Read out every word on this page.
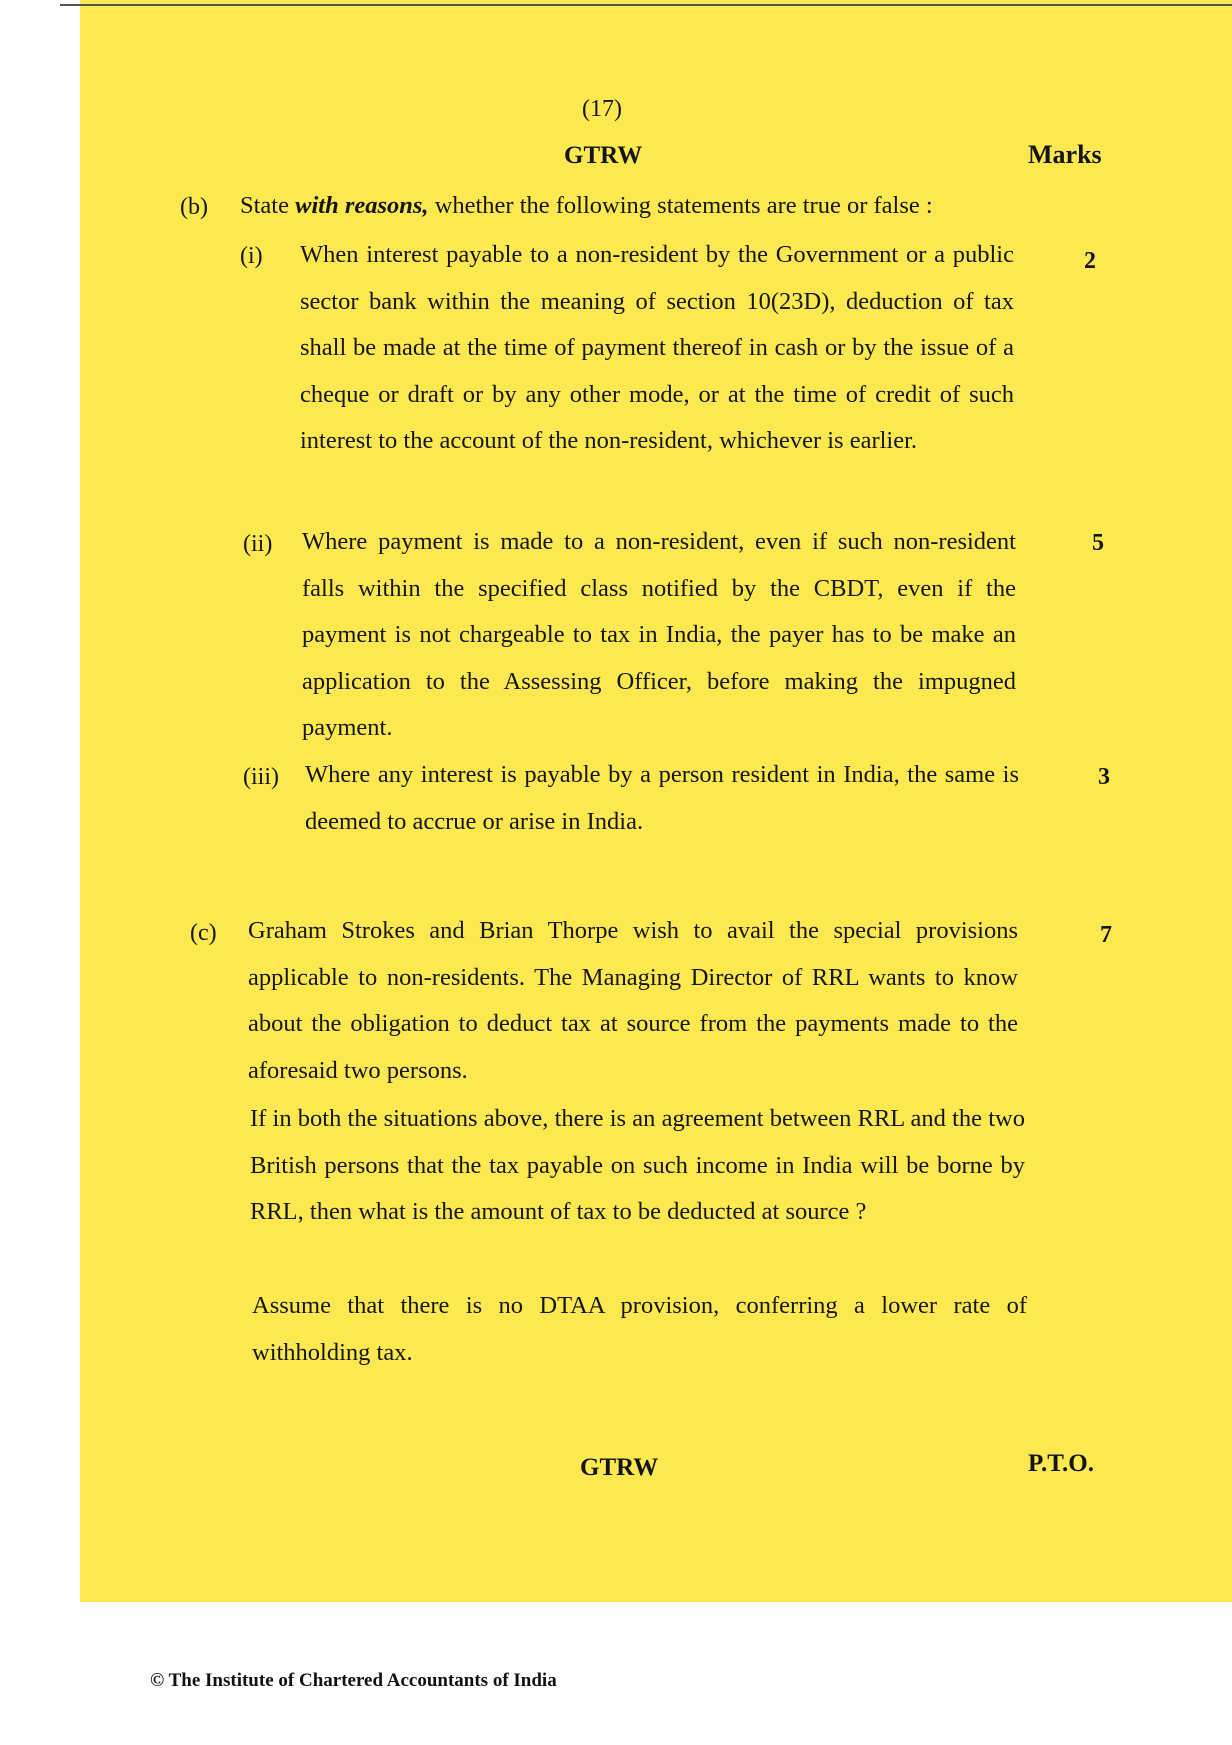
(17)
GTRW	Marks
(b) State with reasons, whether the following statements are true or false :
(i) When interest payable to a non-resident by the Government or a public sector bank within the meaning of section 10(23D), deduction of tax shall be made at the time of payment thereof in cash or by the issue of a cheque or draft or by any other mode, or at the time of credit of such interest to the account of the non-resident, whichever is earlier.
2
(ii) Where payment is made to a non-resident, even if such non-resident falls within the specified class notified by the CBDT, even if the payment is not chargeable to tax in India, the payer has to be make an application to the Assessing Officer, before making the impugned payment.
5
(iii) Where any interest is payable by a person resident in India, the same is deemed to accrue or arise in India.
3
(c) Graham Strokes and Brian Thorpe wish to avail the special provisions applicable to non-residents. The Managing Director of RRL wants to know about the obligation to deduct tax at source from the payments made to the aforesaid two persons.
7
If in both the situations above, there is an agreement between RRL and the two British persons that the tax payable on such income in India will be borne by RRL, then what is the amount of tax to be deducted at source ?
Assume that there is no DTAA provision, conferring a lower rate of withholding tax.
GTRW	P.T.O.
© The Institute of Chartered Accountants of India
